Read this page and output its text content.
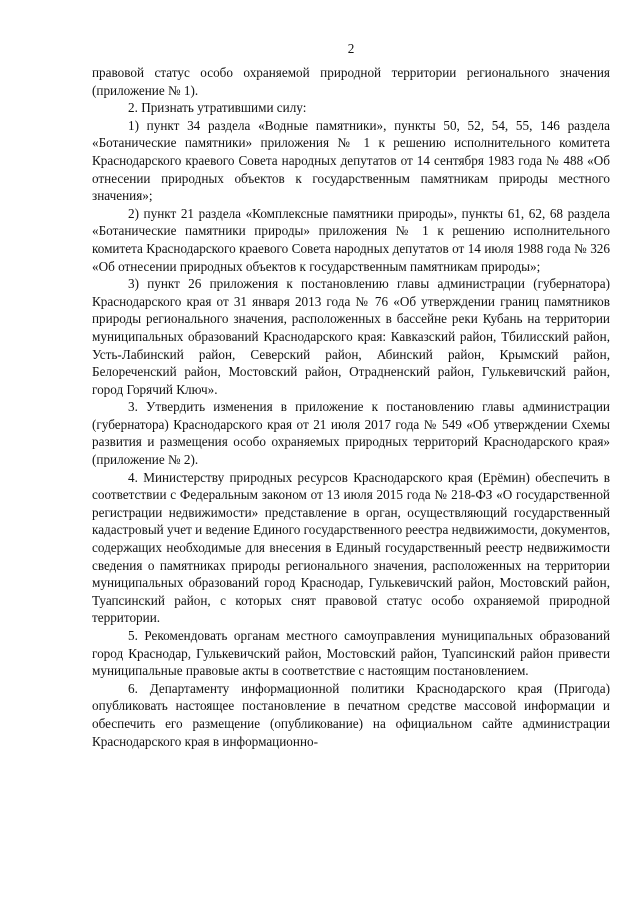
2

правовой статус особо охраняемой природной территории регионального значения (приложение № 1).

2. Признать утратившими силу:

1) пункт 34 раздела «Водные памятники», пункты 50, 52, 54, 55, 146 раздела «Ботанические памятники» приложения № 1 к решению исполнительного комитета Краснодарского краевого Совета народных депутатов от 14 сентября 1983 года № 488 «Об отнесении природных объектов к государственным памятникам природы местного значения»;

2) пункт 21 раздела «Комплексные памятники природы», пункты 61, 62, 68 раздела «Ботанические памятники природы» приложения № 1 к решению исполнительного комитета Краснодарского краевого Совета народных депутатов от 14 июля 1988 года № 326 «Об отнесении природных объектов к государственным памятникам природы»;

3) пункт 26 приложения к постановлению главы администрации (губернатора) Краснодарского края от 31 января 2013 года № 76 «Об утверждении границ памятников природы регионального значения, расположенных в бассейне реки Кубань на территории муниципальных образований Краснодарского края: Кавказский район, Тбилисский район, Усть-Лабинский район, Северский район, Абинский район, Крымский район, Белореченский район, Мостовский район, Отрадненский район, Гулькевичский район, город Горячий Ключ».

3. Утвердить изменения в приложение к постановлению главы администрации (губернатора) Краснодарского края от 21 июля 2017 года № 549 «Об утверждении Схемы развития и размещения особо охраняемых природных территорий Краснодарского края» (приложение № 2).

4. Министерству природных ресурсов Краснодарского края (Ерёмин) обеспечить в соответствии с Федеральным законом от 13 июля 2015 года № 218-ФЗ «О государственной регистрации недвижимости» представление в орган, осуществляющий государственный кадастровый учет и ведение Единого государственного реестра недвижимости, документов, содержащих необходимые для внесения в Единый государственный реестр недвижимости сведения о памятниках природы регионального значения, расположенных на территории муниципальных образований город Краснодар, Гулькевичский район, Мостовский район, Туапсинский район, с которых снят правовой статус особо охраняемой природной территории.

5. Рекомендовать органам местного самоуправления муниципальных образований город Краснодар, Гулькевичский район, Мостовский район, Туапсинский район привести муниципальные правовые акты в соответствие с настоящим постановлением.

6. Департаменту информационной политики Краснодарского края (Пригода) опубликовать настоящее постановление в печатном средстве массовой информации и обеспечить его размещение (опубликование) на официальном сайте администрации Краснодарского края в информационно-
